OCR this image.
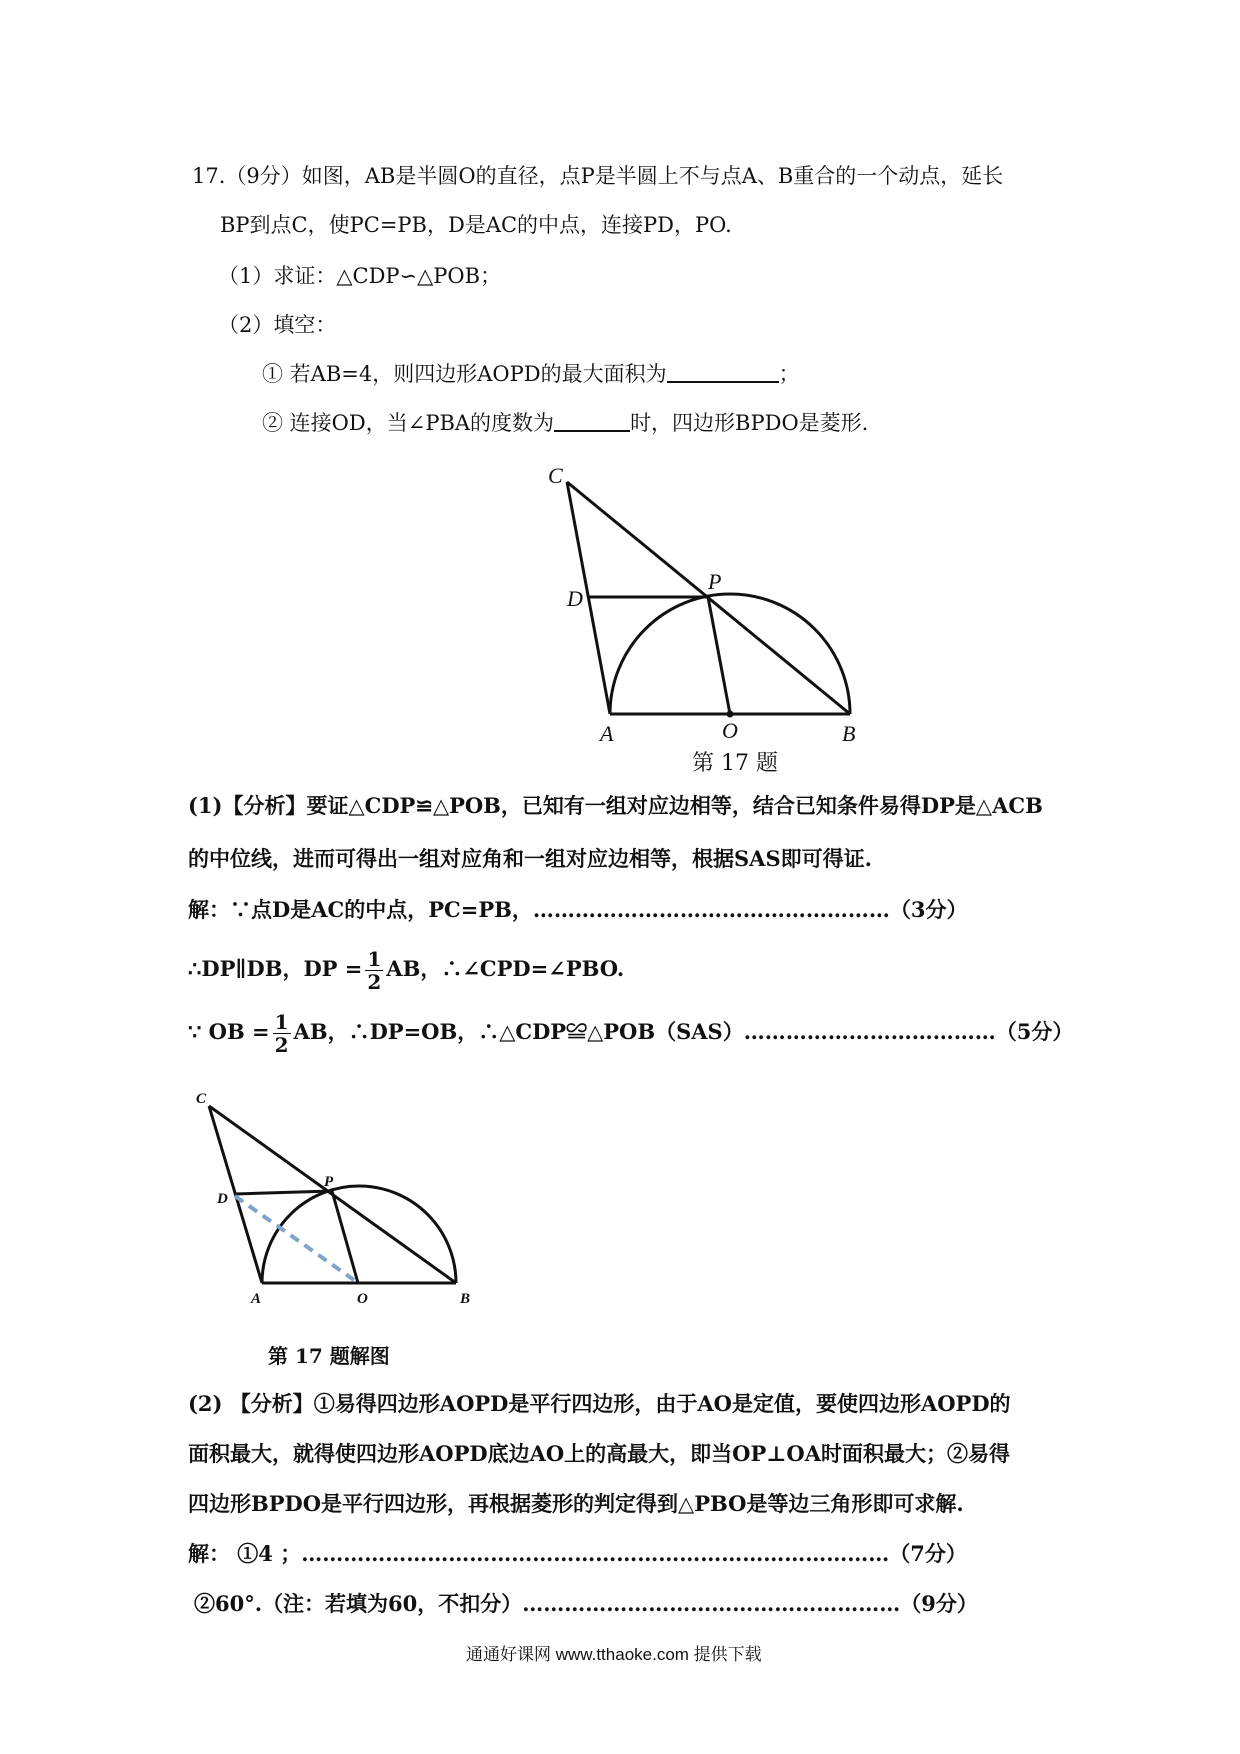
17.（9分）如图，AB是半圆O的直径，点P是半圆上不与点A、B重合的一个动点，延长
BP到点C，使PC=PB，D是AC的中点，连接PD，PO.
（1）求证：△CDP∽△POB；
（2）填空：
① 若AB=4，则四边形AOPD的最大面积为	；
② 连接OD，当∠PBA的度数为	时，四边形BPDO是菱形.
C
D
P
A	O	B
第 17 题
(1)【分析】要证△CDP≌△POB，已知有一组对应边相等，结合已知条件易得DP是△ACB
的中位线，进而可得出一组对应角和一组对应边相等，根据SAS即可得证.
解：∵点D是AC的中点，PC=PB，……………………………………………（3分）
∴DP∥DB，DP = $\frac{1}{2}$ AB，∴∠CPD=∠PBO.
∵ OB = $\frac{1}{2}$ AB，∴DP=OB，∴△CDP≌△POB（SAS）………………………………（5分）
C
D
P
A	O	B
第 17 题解图
(2) 【分析】①易得四边形AOPD是平行四边形，由于AO是定值，要使四边形AOPD的
面积最大，就得使四边形AOPD底边AO上的高最大，即当OP⊥OA时面积最大；②易得
四边形BPDO是平行四边形，再根据菱形的判定得到△PBO是等边三角形即可求解.
解： ①4 ；…………………………………………………………………………（7分）
②60°.（注：若填为60，不扣分）………………………………………………（9分）
通通好课网 www.tthaoke.com 提供下载
